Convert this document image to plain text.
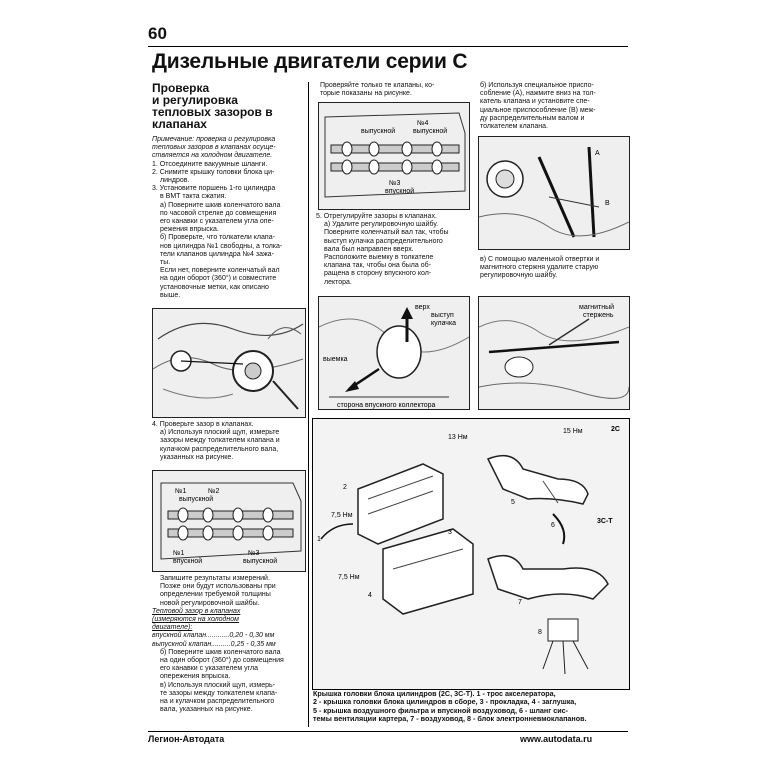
60
Дизельные двигатели серии С
Проверка
и регулировка
тепловых зазоров в
клапанах
Примечание: проверка и регулировка
тепловых зазоров в клапанах осуще-
ствляется на холодном двигателе.
1. Отсоедините вакуумные шланги.
2. Снимите крышку головки блока ци-
линдров.
3. Установите поршень 1-го цилиндра
в ВМТ такта сжатия.
а) Поверните шкив коленчатого вала
по часовой стрелке до совмещения
его канавки с указателем угла опе-
режения впрыска.
б) Проверьте, что толкатели клапа-
нов цилиндра №1 свободны, а толка-
тели клапанов цилиндра №4 зажа-
ты.
Если нет, поверните коленчатый вал
на один оборот (360°) и совместите
установочные метки, как описано
выше.
4. Проверьте зазор в клапанах.
а) Используя плоский щуп, измерьте
зазоры между толкателем клапана и
кулачком распределительного вала,
указанных на рисунке.
№1	№2
выпускной
№1
впускной
№3
выпускной
Запишите результаты измерений.
Позже они будут использованы при
определении требуемой толщины
новой регулировочной шайбы.
Тепловой зазор в клапанах
(измеряются на холодном
двигателе):
впускной клапан............0,20 - 0,30 мм
выпускной клапан..........0,25 - 0,35 мм
б) Поверните шкив коленчатого вала
на один оборот (360°) до совмещения
его канавки с указателем угла
опережения впрыска.
в) Используя плоский щуп, измерь-
те зазоры между толкателем клапа-
на и кулачком распределительного
вала, указанных на рисунке.
Проверяйте только те клапаны, ко-
торые показаны на рисунке.
№4
выпускной	выпускной
№3
впускной
5. Отрегулируйте зазоры в клапанах.
а) Удалите регулировочную шайбу.
Поверните коленчатый вал так, чтобы
выступ кулачка распределительного
вала был направлен вверх.
Расположите выемку в толкателе
клапана так, чтобы она была об-
ращена в сторону впускного кол-
лектора.
верх
выступ
кулачка
выемка
сторона впускного коллектора
б) Используя специальное приспо-
собление (А), нажмите вниз на тол-
катель клапана и установите спе-
циальное приспособление (В) меж-
ду распределительным валом и
толкателем клапана.
A
B
в) С помощью маленькой отвертки и
магнитного стержня удалите старую
регулировочную шайбу.
магнитный
стержень
13 Нм
15 Нм
7,5 Нм
7,5 Нм
2C
3C-T
1
2
3
4
5
6
7
8
Крышка головки блока цилиндров (2С, 3С-Т). 1 - трос акселератора,
2 - крышка головки блока цилиндров в сборе, 3 - прокладка, 4 - заглушка,
5 - крышка воздушного фильтра и впускной воздуховод, 6 - шланг сис-
темы вентиляции картера, 7 - воздуховод, 8 - блок электронневмоклапанов.
Легион-Автодата	www.autodata.ru
